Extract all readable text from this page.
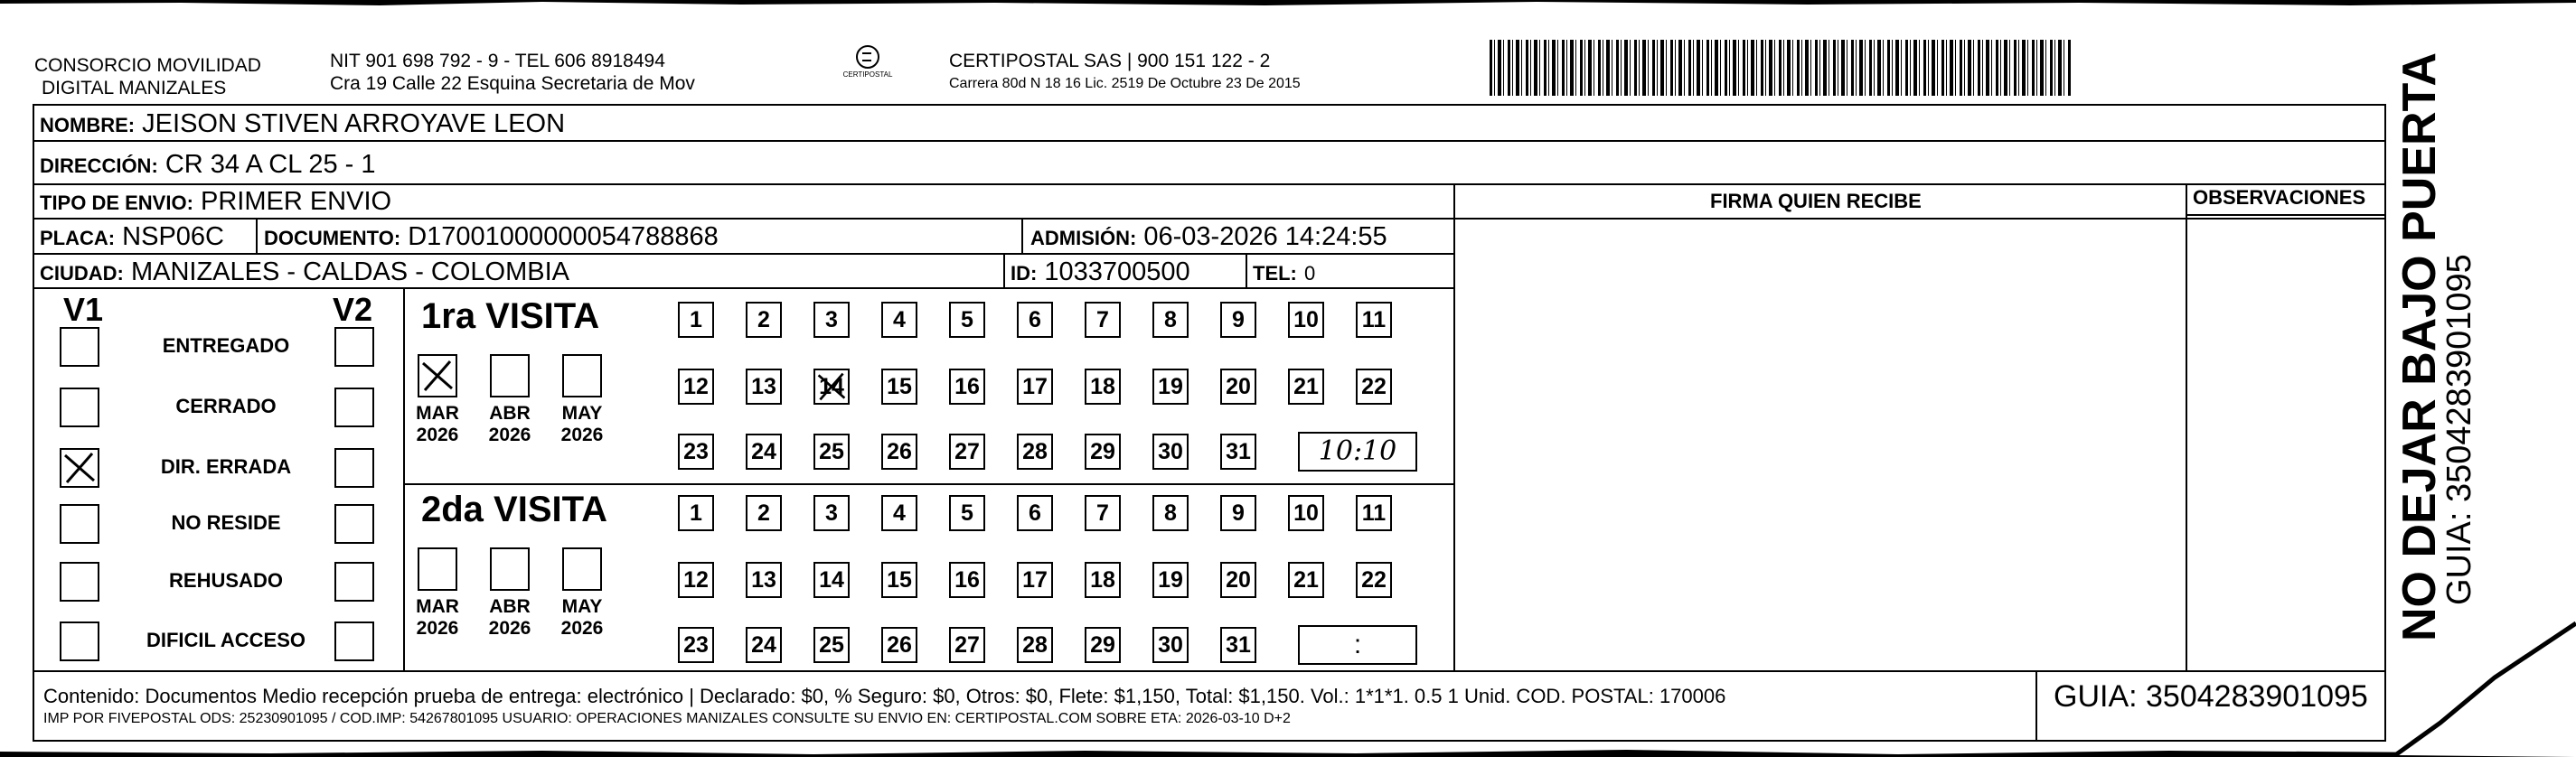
CONSORCIO MOVILIDAD
DIGITAL MANIZALES
NIT 901 698 792 - 9 - TEL 606 8918494
Cra 19 Calle 22 Esquina Secretaria de Mov	CERTIPOSTAL
CERTIPOSTAL SAS | 900 151 122 - 2
Carrera 80d N 18 16 Lic. 2519 De Octubre 23 De 2015
NOMBRE: JEISON STIVEN ARROYAVE LEON
DIRECCIÓN: CR 34 A CL 25 - 1
TIPO DE ENVIO: PRIMER ENVIO
PLACA: NSP06C DOCUMENTO: D17001000000054788868	ADMISIÓN: 06-03-2026 14:24:55
CIUDAD: MANIZALES - CALDAS - COLOMBIA	ID: 1033700500	TEL: 0
FIRMA QUIEN RECIBE	OBSERVACIONES
V1	V2
ENTREGADO
CERRADO
DIR. ERRADA
NO RESIDE
REHUSADO
DIFICIL ACCESO
1ra VISITA
2da VISITA
MAR
2026
ABR
2026
MAY
2026
1	2	3	4	5	6	7	8	9	10 11
12 13 14 15 16 17 18 19 20 21 22
23 24 25 26 27 28 29 30 31	10:10
MAR
2026
ABR
2026
MAY
2026
1	2	3	4	5	6	7	8	9	10 11
12 13 14 15 16 17 18 19 20 21 22
23 24 25 26 27 28 29 30 31	:
Contenido: Documentos Medio recepción prueba de entrega: electrónico | Declarado: $0, % Seguro: $0, Otros: $0, Flete: $1,150, Total: $1,150. Vol.: 1*1*1. 0.5 1 Unid. COD. POSTAL: 170006
IMP POR FIVEPOSTAL ODS: 25230901095 / COD.IMP: 54267801095 USUARIO: OPERACIONES MANIZALES CONSULTE SU ENVIO EN: CERTIPOSTAL.COM SOBRE ETA: 2026-03-10 D+2
GUIA: 3504283901095
NO DEJAR BAJO PUERTA
GUIA: 3504283901095
